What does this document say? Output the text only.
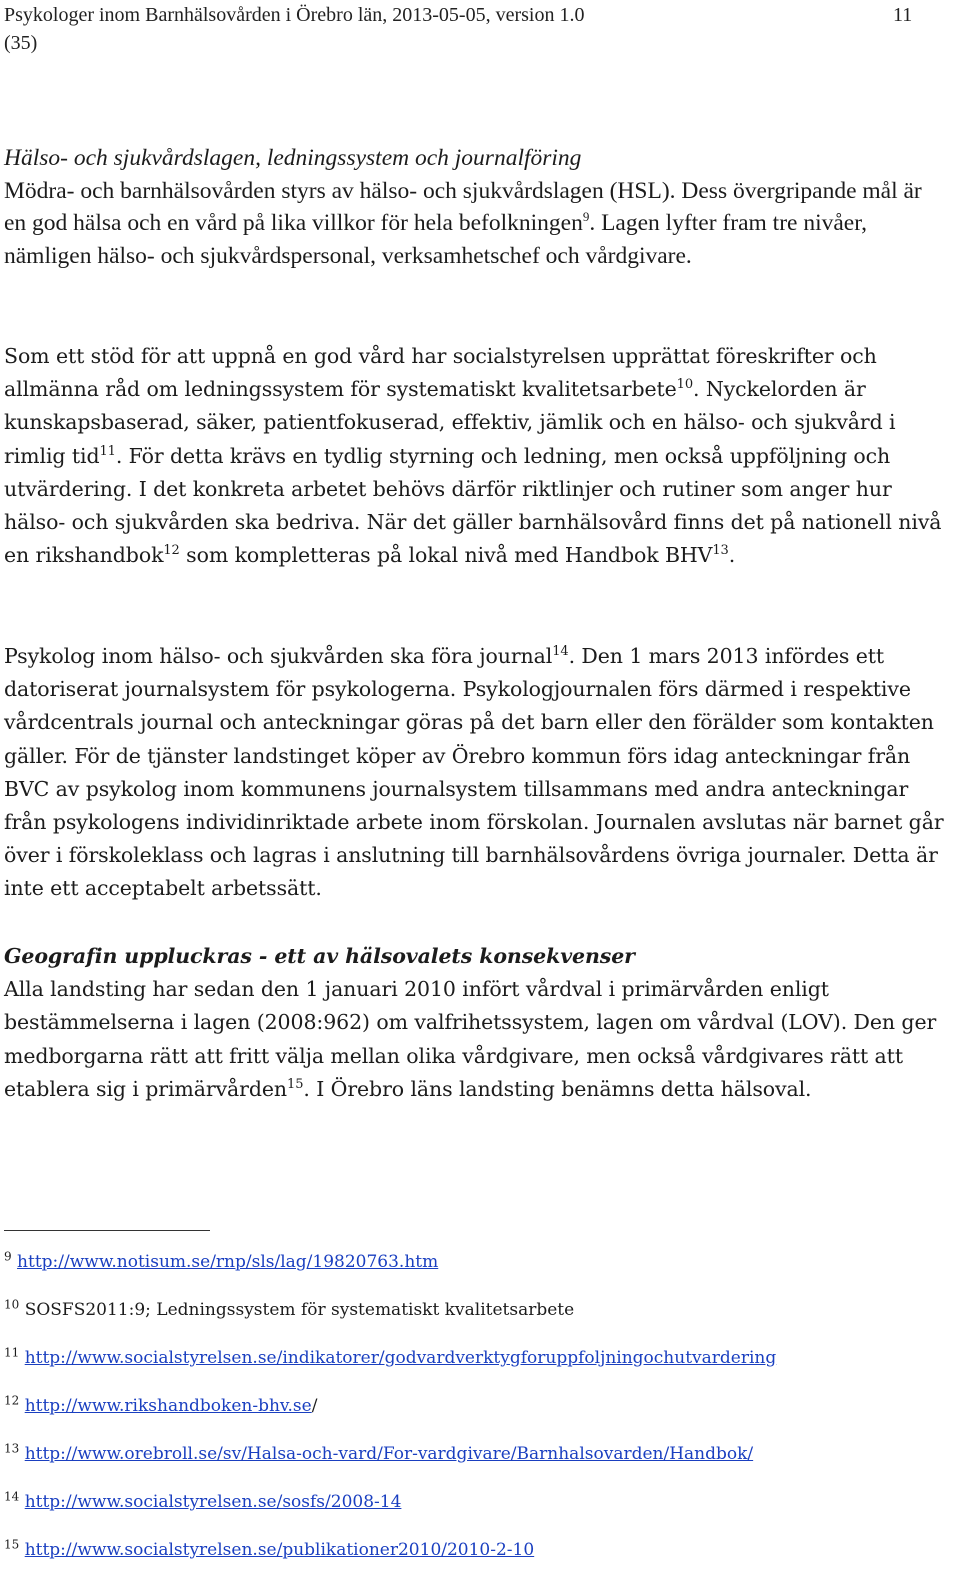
Psykologer inom Barnhälsovården i Örebro län, 2013-05-05, version 1.0	11
(35)
Hälso- och sjukvårdslagen, ledningssystem och journalföring
Mödra- och barnhälsovården styrs av hälso- och sjukvårdslagen (HSL). Dess övergripande mål är en god hälsa och en vård på lika villkor för hela befolkningen$^9$. Lagen lyfter fram tre nivåer, nämligen hälso- och sjukvårdspersonal, verksamhetschef och vårdgivare.
Som ett stöd för att uppnå en god vård har socialstyrelsen upprättat föreskrifter och allmänna råd om ledningssystem för systematiskt kvalitetsarbete$^{10}$. Nyckelorden är kunskapsbaserad, säker, patientfokuserad, effektiv, jämlik och en hälso- och sjukvård i rimlig tid$^{11}$. För detta krävs en tydlig styrning och ledning, men också uppföljning och utvärdering. I det konkreta arbetet behövs därför riktlinjer och rutiner som anger hur hälso- och sjukvården ska bedriva. När det gäller barnhälsovård finns det på nationell nivå en rikshandbok$^{12}$ som kompletteras på lokal nivå med Handbok BHV$^{13}$.
Psykolog inom hälso- och sjukvården ska föra journal$^{14}$. Den 1 mars 2013 infördes ett datoriserat journalsystem för psykologerna. Psykologjournalen förs därmed i respektive vårdcentrals journal och anteckningar göras på det barn eller den förälder som kontakten gäller. För de tjänster landstinget köper av Örebro kommun förs idag anteckningar från BVC av psykolog inom kommunens journalsystem tillsammans med andra anteckningar från psykologens individinriktade arbete inom förskolan. Journalen avslutas när barnet går över i förskoleklass och lagras i anslutning till barnhälsovårdens övriga journaler. Detta är inte ett acceptabelt arbetssätt.
Geografin uppluckras - ett av hälsovalets konsekvenser
Alla landsting har sedan den 1 januari 2010 infört vårdval i primärvården enligt bestämmelserna i lagen (2008:962) om valfrihetssystem, lagen om vårdval (LOV). Den ger medborgarna rätt att fritt välja mellan olika vårdgivare, men också vårdgivares rätt att etablera sig i primärvården$^{15}$. I Örebro läns landsting benämns detta hälsoval.
$^9$ http://www.notisum.se/rnp/sls/lag/19820763.htm
$^{10}$ SOSFS2011:9; Ledningssystem för systematiskt kvalitetsarbete
$^{11}$ http://www.socialstyrelsen.se/indikatorer/godvardverktygforuppfoljningochutvardering
$^{12}$ http://www.rikshandboken-bhv.se/
$^{13}$ http://www.orebroll.se/sv/Halsa-och-vard/For-vardgivare/Barnhalsovarden/Handbok/
$^{14}$ http://www.socialstyrelsen.se/sosfs/2008-14
$^{15}$ http://www.socialstyrelsen.se/publikationer2010/2010-2-10
